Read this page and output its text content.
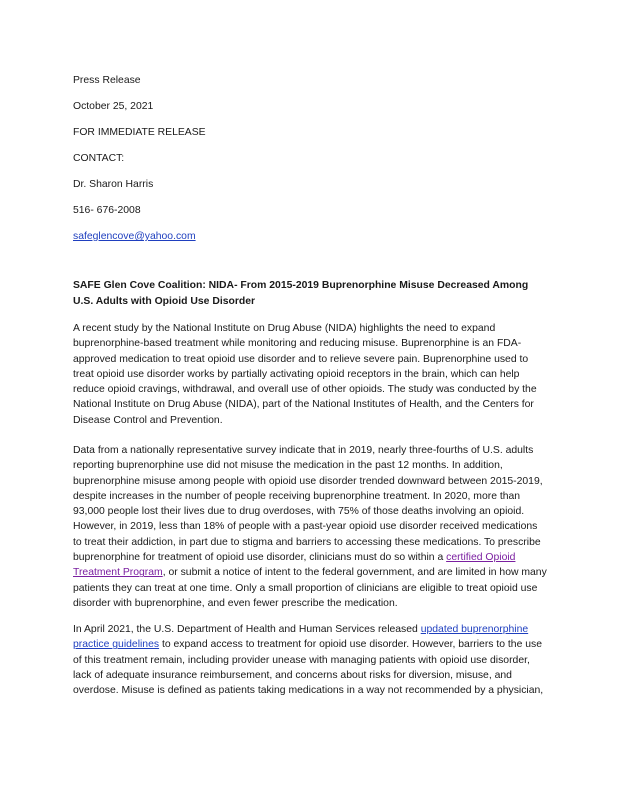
Press Release

October 25, 2021

FOR IMMEDIATE RELEASE

CONTACT:

Dr. Sharon Harris

516- 676-2008

safeglencove@yahoo.com

SAFE Glen Cove Coalition: NIDA- From 2015-2019 Buprenorphine Misuse Decreased Among U.S. Adults with Opioid Use Disorder

A recent study by the National Institute on Drug Abuse (NIDA) highlights the need to expand buprenorphine-based treatment while monitoring and reducing misuse. Buprenorphine is an FDA-approved medication to treat opioid use disorder and to relieve severe pain. Buprenorphine used to treat opioid use disorder works by partially activating opioid receptors in the brain, which can help reduce opioid cravings, withdrawal, and overall use of other opioids. The study was conducted by the National Institute on Drug Abuse (NIDA), part of the National Institutes of Health, and the Centers for Disease Control and Prevention.

Data from a nationally representative survey indicate that in 2019, nearly three-fourths of U.S. adults reporting buprenorphine use did not misuse the medication in the past 12 months. In addition, buprenorphine misuse among people with opioid use disorder trended downward between 2015-2019, despite increases in the number of people receiving buprenorphine treatment. In 2020, more than 93,000 people lost their lives due to drug overdoses, with 75% of those deaths involving an opioid. However, in 2019, less than 18% of people with a past-year opioid use disorder received medications to treat their addiction, in part due to stigma and barriers to accessing these medications. To prescribe buprenorphine for treatment of opioid use disorder, clinicians must do so within a certified Opioid Treatment Program, or submit a notice of intent to the federal government, and are limited in how many patients they can treat at one time. Only a small proportion of clinicians are eligible to treat opioid use disorder with buprenorphine, and even fewer prescribe the medication.

In April 2021, the U.S. Department of Health and Human Services released updated buprenorphine practice guidelines to expand access to treatment for opioid use disorder. However, barriers to the use of this treatment remain, including provider unease with managing patients with opioid use disorder, lack of adequate insurance reimbursement, and concerns about risks for diversion, misuse, and overdose. Misuse is defined as patients taking medications in a way not recommended by a physician,
